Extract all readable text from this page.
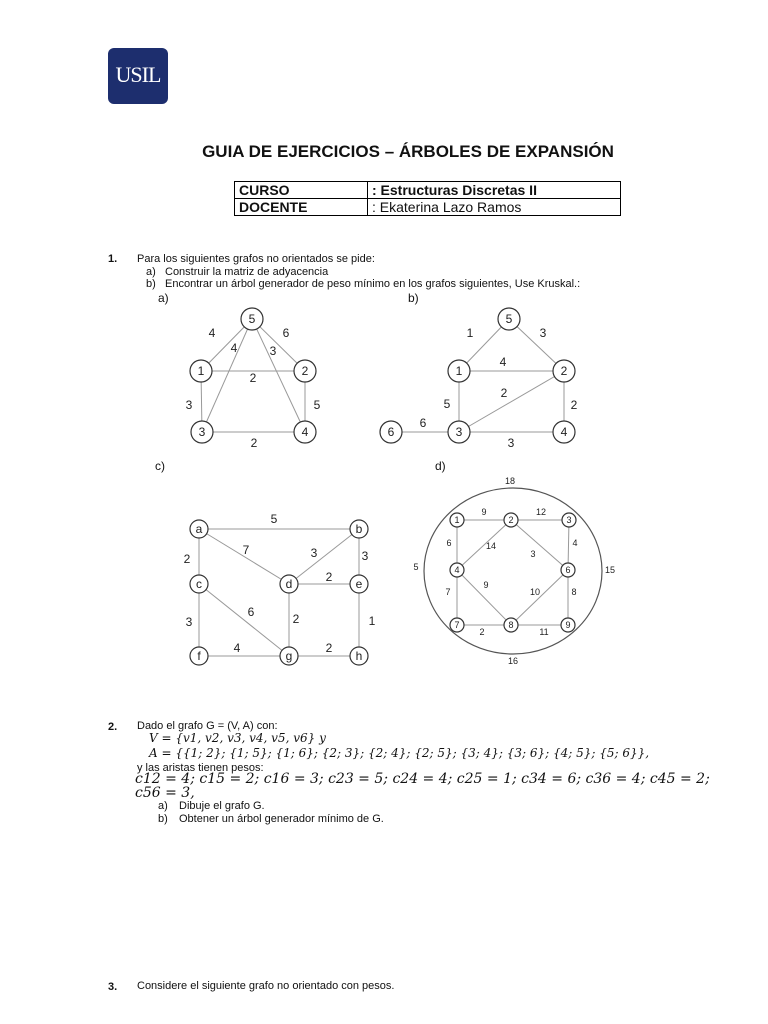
USIL
GUIA DE EJERCICIOS – ÁRBOLES DE EXPANSIÓN
CURSO	: Estructuras Discretas II
DOCENTE	: Ekaterina Lazo Ramos
1. Para los siguientes grafos no orientados se pide:
a) Construir la matriz de adyacencia
b) Encontrar un árbol generador de peso mínimo en los grafos siguientes, Use Kruskal.:
a)	b)
c)	d)
5
1	2
3	4
4	6
4	3
2
3	5
2
5
1	2
6	3	4
1	3
4
2
5	2
6
3
a	b
c	d	e
f	g	h
5
7	3
2	3
2
6	2	1
3
4	2
1	2	3
4	6
7	8	9
18
9	12
6	14
3
4
5	15
9
10	8
7
2	11
16
2. Dado el grafo G = (V, A) con:
V = {v1, v2, v3, v4, v5, v6} y
A = {{1; 2}; {1; 5}; {1; 6}; {2; 3}; {2; 4}; {2; 5}; {3; 4}; {3; 6}; {4; 5}; {5; 6}},
y las aristas tienen pesos:
c12 = 4; c15 = 2; c16 = 3; c23 = 5; c24 = 4; c25 = 1; c34 = 6; c36 = 4; c45 = 2;
c56 = 3,
a) Dibuje el grafo G.
b) Obtener un árbol generador mínimo de G.
3. Considere el siguiente grafo no orientado con pesos.
